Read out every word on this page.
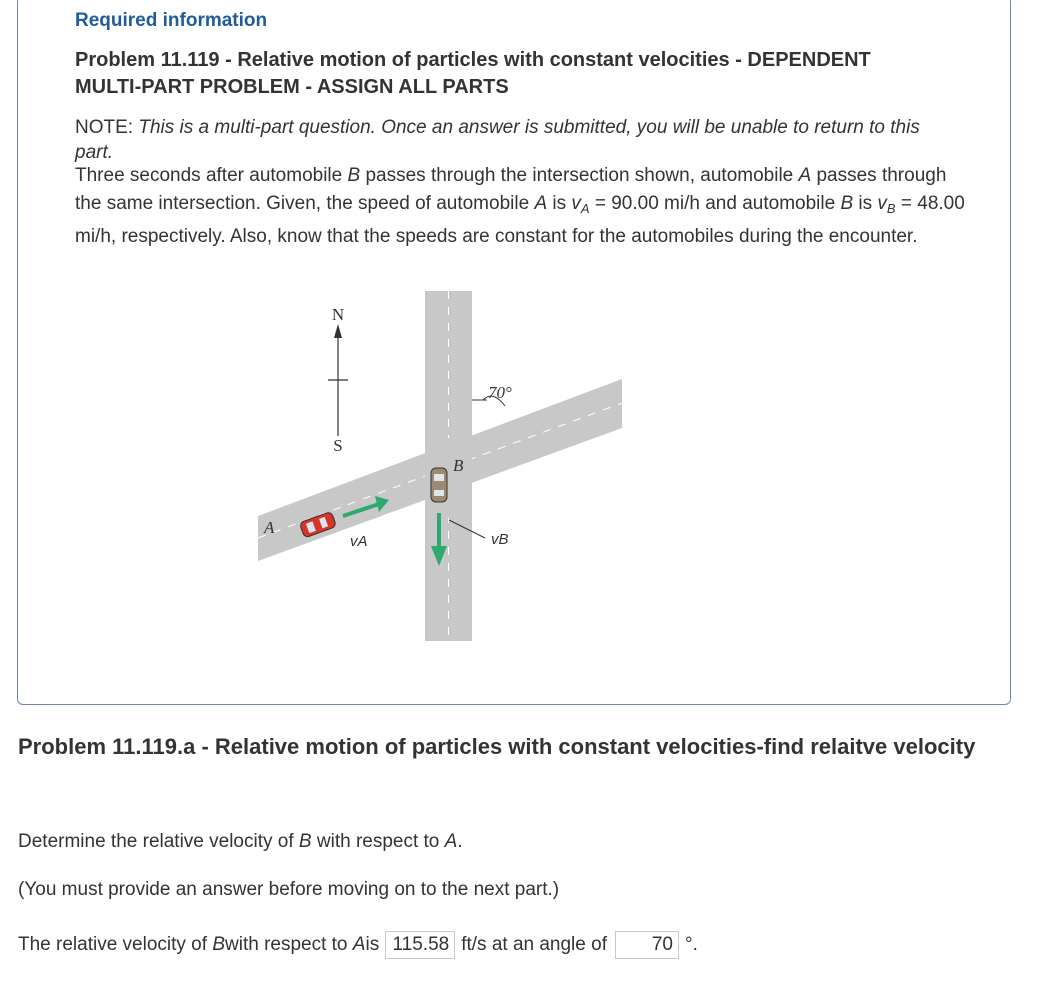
Required information
Problem 11.119 - Relative motion of particles with constant velocities - DEPENDENT MULTI-PART PROBLEM - ASSIGN ALL PARTS
NOTE: This is a multi-part question. Once an answer is submitted, you will be unable to return to this part.
Three seconds after automobile B passes through the intersection shown, automobile A passes through the same intersection. Given, the speed of automobile A is $v_A = 90.00$ mi/h and automobile B is $v_B = 48.00$ mi/h, respectively. Also, know that the speeds are constant for the automobiles during the encounter.
N
S
70°
B
vB
A
vA
Problem 11.119.a - Relative motion of particles with constant velocities-find relaitve velocity
Determine the relative velocity of B with respect to A.
(You must provide an answer before moving on to the next part.)
The relative velocity of
B with respect to
A is 115.58 ft/s at an angle of	70 °.
